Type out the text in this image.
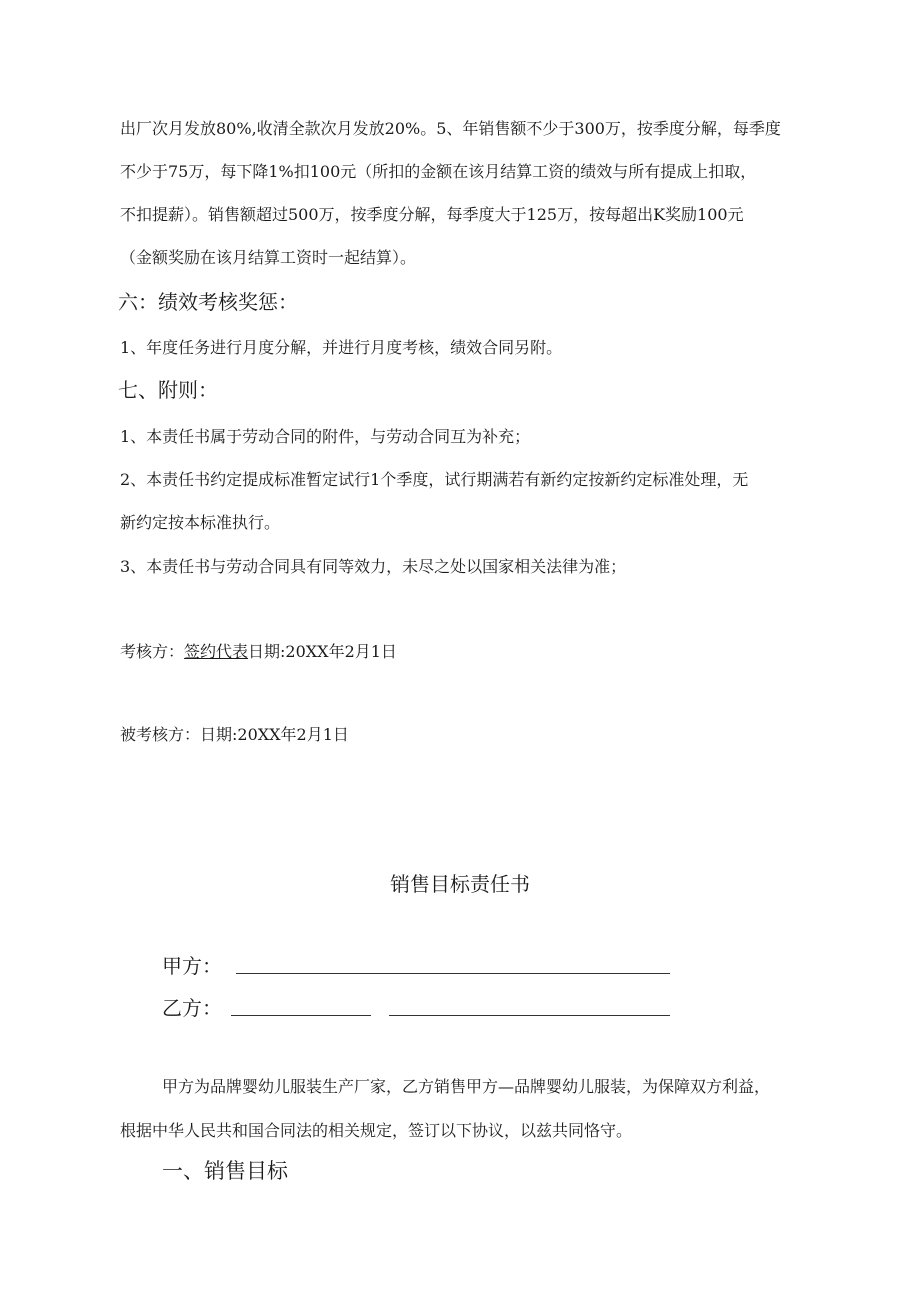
出厂次月发放80%,收清全款次月发放20%。5、年销售额不少于300万，按季度分解，每季度
不少于75万，每下降1%扣100元（所扣的金额在该月结算工资的绩效与所有提成上扣取，
不扣提薪）。销售额超过500万，按季度分解，每季度大于125万，按每超出K奖励100元
（金额奖励在该月结算工资时一起结算）。
六：绩效考核奖惩：
1、年度任务进行月度分解，并进行月度考核，绩效合同另附。
七、附则：
1、本责任书属于劳动合同的附件，与劳动合同互为补充；
2、本责任书约定提成标准暂定试行1个季度，试行期满若有新约定按新约定标准处理，无
新约定按本标准执行。
3、本责任书与劳动合同具有同等效力，未尽之处以国家相关法律为准；
考核方：签约代表日期:20XX年2月1日
被考核方：日期:20XX年2月1日
销售目标责任书
甲方：
乙方：
甲方为品牌婴幼儿服装生产厂家，乙方销售甲方—品牌婴幼儿服装，为保障双方利益，
根据中华人民共和国合同法的相关规定，签订以下协议，以兹共同恪守。
一、销售目标
